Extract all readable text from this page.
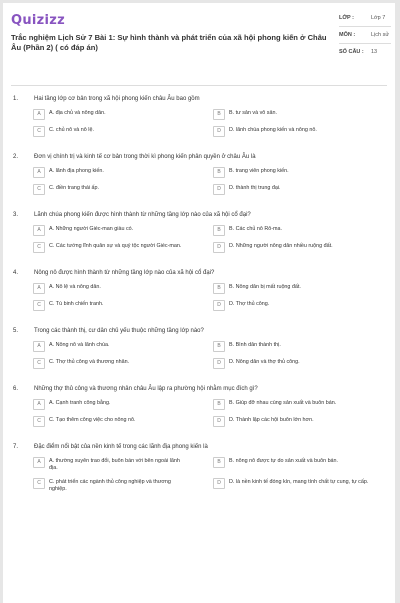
Quizizz
Trắc nghiệm Lịch Sử 7 Bài 1: Sự hình thành và phát triển của xã hội phong kiến ở Châu Âu (Phần 2) ( có đáp án)
LỚP :	Lớp 7
MÔN :	Lịch sử
SỐ CÂU :	13
1.	Hai tầng lớp cơ bản trong xã hội phong kiến châu Âu bao gồm
A	A. địa chủ và nông dân.	B	B. tư sản và vô sản.
C	C. chủ nô và nô lệ.	D	D. lãnh chúa phong kiến và nông nô.
2.	Đơn vị chính trị và kinh tế cơ bản trong thời kì phong kiến phân quyền ở châu Âu là
A	A. lãnh địa phong kiến.	B	B. trang viên phong kiến.
C	C. điền trang thái ấp.	D	D. thành thị trung đại.
3.	Lãnh chúa phong kiến được hình thành từ những tầng lớp nào của xã hội cổ đại?
A	A. Những người Giéc-man giàu có.	B	B. Các chủ nô Rô-ma.
C	C. Các tướng lĩnh quân sự và quý tộc người Giéc-man.	D	D. Những người nông dân nhiều ruộng đất.
4.	Nông nô được hình thành từ những tầng lớp nào của xã hội cổ đại?
A	A. Nô lệ và nông dân.	B	B. Nông dân bị mất ruộng đất.
C	C. Tù binh chiến tranh.	D	D. Thợ thủ công.
5.	Trong các thành thị, cư dân chủ yếu thuộc những tầng lớp nào?
A	A. Nông nô và lãnh chúa.	B	B. Bình dân thành thị.
C	C. Thợ thủ công và thương nhân.	D	D. Nông dân và thợ thủ công.
6.	Những thợ thủ công và thương nhân châu Âu lập ra phường hội nhằm mục đích gì?
A	A. Cạnh tranh công bằng.	B	B. Giúp đỡ nhau cùng sản xuất và buôn bán.
C	C. Tạo thêm công việc cho nông nô.	D	D. Thành lập các hội buôn lớn hơn.
7.	Đặc điểm nổi bật của nền kinh tế trong các lãnh địa phong kiến là
A	A. thường xuyên trao đổi, buôn bán với bên ngoài lãnh địa.
B	B. nông nô được tự do sản xuất và buôn bán.
C	C. phát triển các ngành thủ công nghiệp và thương nghiệp.
D	D. là nền kinh tế đóng kín, mang tính chất tự cung, tự cấp.
